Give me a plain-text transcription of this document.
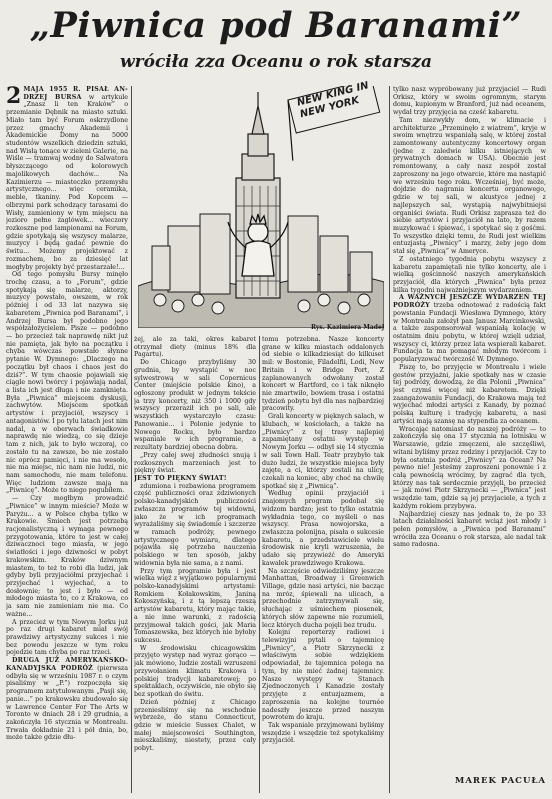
„Piwnica pod Baranami”
wróciła zza Oceanu o rok starsza

2 MAJA 1955 R. PISAŁ AN-DRZEJ BURSA w artykule „Znasz li ten Kraków” o przemianie Dębnik na miasto sztuki. Miało tam być Forum oskrzydlone przez gmachy Akademii i Akademickie Domy na 5000 studentów wszelkich dziedzin sztuki, nad Wisłą tonące w zieleni Galerie, na Wiśle — tramwaj wodny do Salwatora błyszczącego od kolorowych majolikowych dachów... Na Kazimierzu — miasteczko przemysłu artystycznego... więc ceramika, meble, tkaniny. Pod Kopcem — olbrzymi park schodzący tarasami do Wisły, zamieniony w tym miejscu na jezioro pełne żaglówek... wieczory rozkoszne pod lampionami na Forum, gdzie spotykają się wszyscy malarze, muzycy i będą gadać pewnie do świtu... Możemy projektować z rozmachem, bo za dziesięć lat mogłyby projekty być przestarzałe!...

Od tego pomysłu Bursy minęło trochę czasu, a to „Forum”, gdzie spotykają się malarze, aktorzy, muzycy powstało, owszem, w rok później i od 33 lat nazywa się kabaretem „Piwnica pod Baranami”, i Andrzej Bursa był podobno jego współzałożycielem. Pisze — podobno — bo przecież tak naprawdę nikt już nie pamięta, jak było na początku i chyba wówczas powstało słynne pytanie W. Dymnego: „Dlaczego na początku był chaos i chaos jest do dziś?”. W tym chaosie pojawiali się ciągle nowi twórcy i pojawiają nadal, a lista ich jest długa i nie zamknięta. Była „Piwnica” miejscem dyskusji, zachwytów. Miejscem spotkań artystów i przyjaciół, wszyscy i antagonistów. I po tylu latach jest nim nadal, a w oberwach świadkowie naprawdę nie wiedzą, co się dzieje tam z nich, jak to było wczoraj, co zostało tu na zawsze, bo nie zostało nic oprócz pamięci, i nie ma wesoło, nie ma miejsc, nic nam nie ludzi, nic nam samochodu, nie mam telefonu. Więc ludziom zawsze mają na „Piwnicę”. Może to niego pogubiłem.

— Czy mogłbym prowadzić „Piwnice” w innym mieście? Może w Paryżu... a w Polsce chyba tylko w Krakowie. Śmiech jest potrzebą racjonalistyczną i wymaga pewnego przygotowania, które to jest w całej dziwacznoci tego miasta, w jego światłości i jego dziwności w pobyt krakowskim. Kraków dziwnym miastem, to też to robi dla ludzi, jak gdyby byli przyjaciółmi przyjechać i przyjechać i wyjechać, a to dosłownie; to jest i było — od młodego miasta to, co z Krakowa, co ja sam nie zamieniam nie ma. Co ważne...

A przecież w tym Nowym Jorku już po raz drugi kabaret miał swój prawdziwy artystyczny sukces i nie bez powodu jeszcze w tym roku pojedzie tam chyba po raz trzeci.

DRUGA JUŻ AMERYKAŃSKO-KANADYJSKA PODRÓŻ (pierwsza odbyła się w wrześniu 1987 r. o czym pisaliśmy w „P.”) rozpoczęła się programem zatytułowanym „Pasji się, panie...” po krakowsku zbudowało się w Lawrence Center For The Arts w Toronto w dniach 28 i 29 grudnia, a zakończyła 16 stycznia w Montrealu. Trwała dokładnie 21 i pół dnia, bo, może także gdzie dłu-

NEW KING IN NEW YORK
Rys. Kazimiera Madej

żej, ale za taki, okres kabaret otrzymał diety (minus 18% dla Pagartu).

Do Chicago przybyliśmy 30 grudnia, by wystąpić w noc sylwestrową w sali Copernicus Center (miejście polskie kino), a ogłoszony produkt w jednym tekście ja trzy koncerty, niż 350 i 1000 gdy wszyscy przeraził ich po sali, ale wszystkich wystarczyło czasu: Panowanie... i Polonie jedynie to Nowego Rocku, było bardzo wspaniale w ich programie, a rezultaty bardziej obecna dobra.

„Przy całej swej złudności snują i rozkosznych marzeniach jest to piękny świat.

JEST TO PIĘKNY ŚWIAT!

zdumiona i rozbawiona programem część publiczności oraz zdziwionych polsko-kanadyjskich publiczności zwłaszcza programów tej widowni, jako że w ich programach wyrażaliśmy się świadomie i szczerze w ramach podróży, pewnego artystycznego wymiaru, dlatego pojawiła się potrzeba nauczenia polskiego w ten sposób, jakby widownia była nie sama, a z nami.

Przy tym programie była i jest wielka więź z wyjątkowo popularnymi polsko-kanadyjskimi artystami: Romkiem Kołakowskim, Janiną Kokoszyńską, i z tą lepszą rzeszą artystów kabaretu, który mając takie, a nie inne warunki, z radością przyjmował takich gości, jak Maria Tomaszewska, bez których nie byłoby sukcesu.

W środowisku chicagowskim przyjęto występ nad wyraz gorąco — jak mówiono, ludzie zostali wzruszeni przywołaniem klimatu Krakowa i polskiej tradycji kabaretowej; po spektaklach, oczywiście, nie obyło się bez spotkań do świtu.

Dzień później z Chicago przeniesliśmy się na wschodnie wybrzeże, do stanu Connecticut, gdzie w mieście Sussex Chalet, w małej miejscowości Southington, mieszkaliśmy, niestety, przez cały pobyt.

tomu potrzebna. Nasze koncerty grane w kilku miastach oddalonych od siebie o kilkadziesiąt do kilkuset mil: w Bostonie, Filadelfii, Lodi, New Britain i w Bridge Port, Z zaplanowanych odwołany został koncert w Hartford, co i tak niknęło nie zmartwiło, bowiem trasa i ostatni tydzień pobytu był dla nas najbardziej pracowity.

Grali koncerty w pięknych salach, w klubach, w kościołach, a także na „Piwnicy” z tej trasy najlepiej zapamiętany ostatni występ w Nowym Jorku — odbył się 14 stycznia w sali Town Hall. Teatr przybyło tak dużo ludzi, że wszystkie miejsca były zajęte, a ci, którzy zostali na ulicy, czekali na koniec, aby choć na chwilę spotkać się z „Piwnicą”.

Według opinii przyjaciół i znajomych program podobał się widzom bardzo; jest to tylko ostatnia wykładnia tego, co myśleli o nas wszyscy. Prasa nowojorska, a zwłaszcza polonijna, pisała o sukcesie kabaretu, a przedstawiciele wielu środowisk nie kryli wzruszenia, że udało się przywieźć do Ameryki kawałek prawdziwego Krakowa.

Na szczęście odwiedziliśmy jeszcze Manhattan, Broadway i Greenwich Village, gdzie nasi artyści, nie bacząc na mróz, śpiewali na ulicach, a przechodnie zatrzymywali się, słuchając z uśmiechem piosenek, których słów zapewne nie rozumieli, lecz których ducha pojęli bez trudu.

Kolejni reporterzy radiowi i telewizyjni pytali o tajemnicę „Piwnicy”, a Piotr Skrzynecki z właściwym sobie wdziękiem odpowiadał, że tajemnica polega na tym, by nie mieć żadnej tajemnicy. Nasze występy w Stanach Zjednoczonych i Kanadzie zostały przyjęte z entuzjazmem, a zaproszenia na kolejne tournée nadeszły jeszcze przed naszym powrotem do kraju.

Tak wspaniale przyjmowani byliśmy wszędzie i wszędzie też spotykaliśmy przyjaciół.

tylko nasz wypróbowany już przyjaciel — Rudi Orkisz, który w swoim ogromnym, starym domu, kupionym w Branford, już nad oceanem, wydał trzy przyjęcia na cześć kabaretu.

Tam niezwykły dom, w klimacie i architekturze „Przeminęło z wiatrem”, kryje w swoim wnętrzu wspaniałą salę, w której został zamontowany autentyczny koncertowy organ (jedne z zaledwie kilku istniejących w prywatnych domach w USA). Obecnie jest remontowany, a cały nasz zespół został zaproszony na jego otwarcie, które ma nastąpić we wrześniu tego roku. Wcześniej, być może, dojdzie do nagrania koncertu organowego, gdzie w tej sali, w akustyce jednej z najlepszych sal, wystąpią najwybitniejsi organiści świata. Rudi Orkisz zaprasza też do siebie artystów i przyjaciół na lato, by razem muzykować i śpiewać, i spotykać się z gośćmi. To wszystko dzięki temu, że Rudi jest wielkim entuzjastą „Piwnicy” i marzy, żeby jego dom stał się „Piwnicą” w Ameryce.

Z ostatniego tygodnia pobytu wszyscy z kabaretu zapamiętali nie tylko koncerty, ale i wielką gościnność naszych amerykańskich przyjaciół, dla których „Piwnica” była przez kilka tygodni najważniejszym wydarzeniem.

A WAŻNYCH JESZCZE WYDARZEŃ TEJ PODRÓŻY trzeba odnotować z radością fakt powstania Fundacji Wiesława Dymnego, który w Montrealu założył pan Janusz Marcinkowski, a także zasponsorował wspaniałą kolację w ostatnim dniu pobytu, w której wzięli udział, wszyscy ci, którzy przez lata wspierali kabaret. Fundacja ta ma pomagać młodym twórcom i popularyzować twórczość W. Dymnego.

Piszę to, bo przyjęcie w Montrealu i wiele gestów przyjaźni, jakie spotkały nas w czasie tej podróży, dowodzą, że dla Polonii „Piwnica” jest czymś więcej niż kabaretem. Dzięki zaangażowaniu Fundacji, do Krakowa mają też wyjechać młodzi artyści z Kanady, by poznać polską kulturę i tradycję kabaretu, a nasi artyści mają szansę na stypendia za oceanem.

Wracając natomiast do naszej podróży — to zakończyła się ona 17 stycznia na lotnisku w Warszawie, gdzie zmęczeni, ale szczęśliwi, witani byliśmy przez rodziny i przyjaciół. Czy to była ostatnia podróż „Piwnicy” za Ocean? Na pewno nie! Jesteśmy zaproszeni ponownie i z całą pewnością wrócimy, by zagrać dla tych, którzy nas tak serdecznie przyjęli, bo przecież — jak mówi Piotr Skrzynecki — „Piwnica” jest wszędzie tam, gdzie są jej przyjaciele, a tych z każdym rokiem przybywa.

Najbardziej cieszy nas jednak to, że po 33 latach działalności kabaret wciąż jest młody i pełen pomysłów, a „Piwnica pod Baranami” wróciła zza Oceanu o rok starsza, ale nadal tak samo radosna.

MAREK PACUŁA
